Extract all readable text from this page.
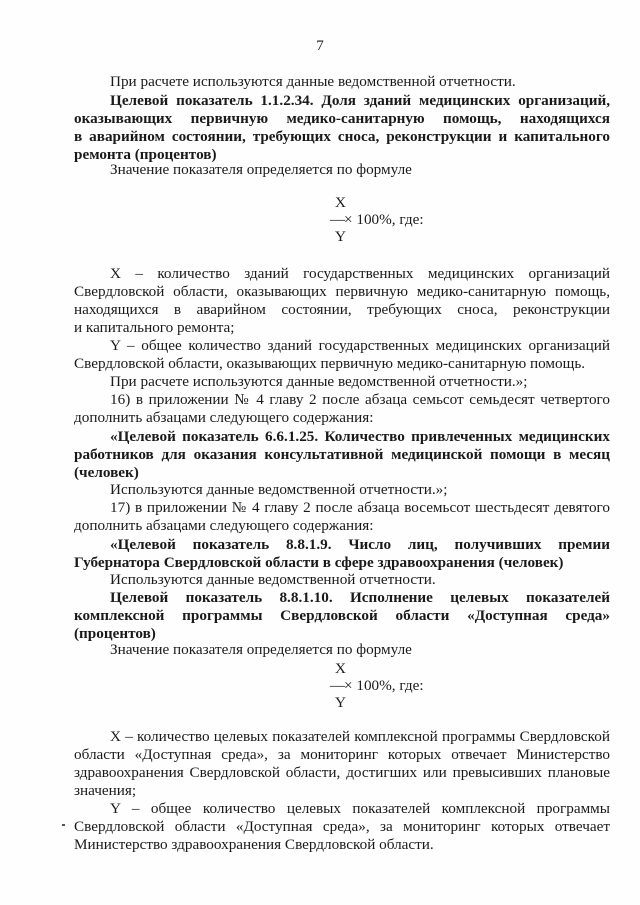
7
При расчете используются данные ведомственной отчетности.
Целевой показатель 1.1.2.34. Доля зданий медицинских организаций,
оказывающих первичную медико-санитарную помощь, находящихся
в аварийном состоянии, требующих сноса, реконструкции и капитального
ремонта (процентов)
Значение показателя определяется по формуле
X – количество зданий государственных медицинских организаций
Свердловской области, оказывающих первичную медико-санитарную помощь,
находящихся в аварийном состоянии, требующих сноса, реконструкции
и капитального ремонта;
Y – общее количество зданий государственных медицинских организаций
Свердловской области, оказывающих первичную медико-санитарную помощь.
При расчете используются данные ведомственной отчетности.»;
16) в приложении № 4 главу 2 после абзаца семьсот семьдесят четвертого
дополнить абзацами следующего содержания:
«Целевой показатель 6.6.1.25. Количество привлеченных медицинских
работников для оказания консультативной медицинской помощи в месяц
(человек)
Используются данные ведомственной отчетности.»;
17) в приложении № 4 главу 2 после абзаца восемьсот шестьдесят девятого
дополнить абзацами следующего содержания:
«Целевой показатель 8.8.1.9. Число лиц, получивших премии
Губернатора Свердловской области в сфере здравоохранения (человек)
Используются данные ведомственной отчетности.
Целевой показатель 8.8.1.10. Исполнение целевых показателей
комплексной программы Свердловской области «Доступная среда»
(процентов)
Значение показателя определяется по формуле
X – количество целевых показателей комплексной программы Свердловской
области «Доступная среда», за мониторинг которых отвечает Министерство
здравоохранения Свердловской области, достигших или превысивших плановые
значения;
Y – общее количество целевых показателей комплексной программы
Свердловской области «Доступная среда», за мониторинг которых отвечает
Министерство здравоохранения Свердловской области.
X
—
× 100%, где:
Y
X
—
× 100%, где:
Y
